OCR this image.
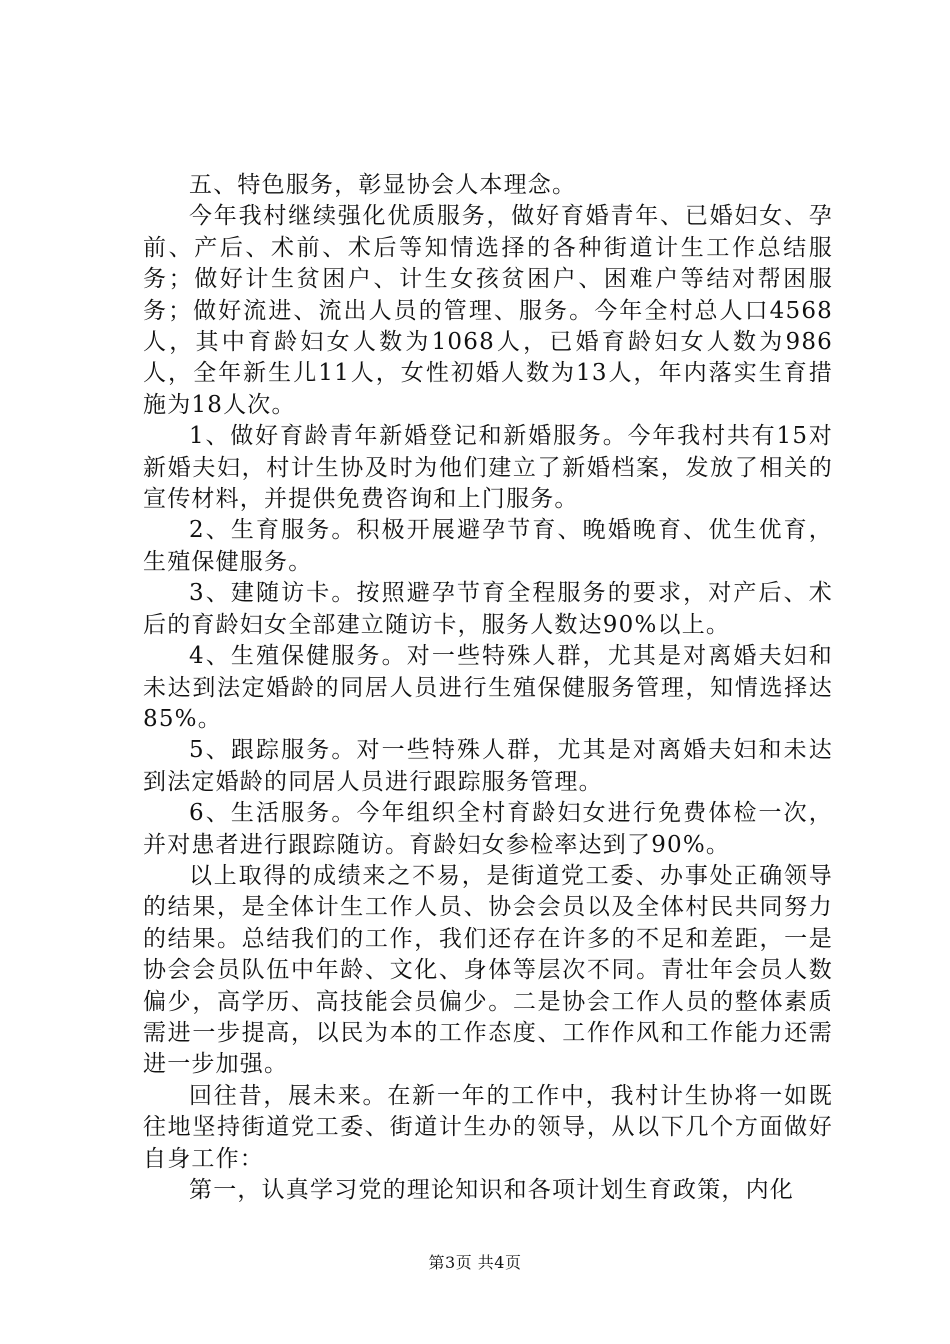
五、特色服务，彰显协会人本理念。

今年我村继续强化优质服务，做好育婚青年、已婚妇女、孕前、产后、术前、术后等知情选择的各种街道计生工作总结服务；做好计生贫困户、计生女孩贫困户、困难户等结对帮困服务；做好流进、流出人员的管理、服务。今年全村总人口4568人，其中育龄妇女人数为1068人，已婚育龄妇女人数为986人，全年新生儿11人，女性初婚人数为13人，年内落实生育措施为18人次。

1、做好育龄青年新婚登记和新婚服务。今年我村共有15对新婚夫妇，村计生协及时为他们建立了新婚档案，发放了相关的宣传材料，并提供免费咨询和上门服务。

2、生育服务。积极开展避孕节育、晚婚晚育、优生优育，生殖保健服务。

3、建随访卡。按照避孕节育全程服务的要求，对产后、术后的育龄妇女全部建立随访卡，服务人数达90%以上。

4、生殖保健服务。对一些特殊人群，尤其是对离婚夫妇和未达到法定婚龄的同居人员进行生殖保健服务管理，知情选择达85%。

5、跟踪服务。对一些特殊人群，尤其是对离婚夫妇和未达到法定婚龄的同居人员进行跟踪服务管理。

6、生活服务。今年组织全村育龄妇女进行免费体检一次，并对患者进行跟踪随访。育龄妇女参检率达到了90%。

以上取得的成绩来之不易，是街道党工委、办事处正确领导的结果，是全体计生工作人员、协会会员以及全体村民共同努力的结果。总结我们的工作，我们还存在许多的不足和差距，一是协会会员队伍中年龄、文化、身体等层次不同。青壮年会员人数偏少，高学历、高技能会员偏少。二是协会工作人员的整体素质需进一步提高，以民为本的工作态度、工作作风和工作能力还需进一步加强。

回往昔，展未来。在新一年的工作中，我村计生协将一如既往地坚持街道党工委、街道计生办的领导，从以下几个方面做好自身工作：

第一，认真学习党的理论知识和各项计划生育政策，内化

第3页 共4页
